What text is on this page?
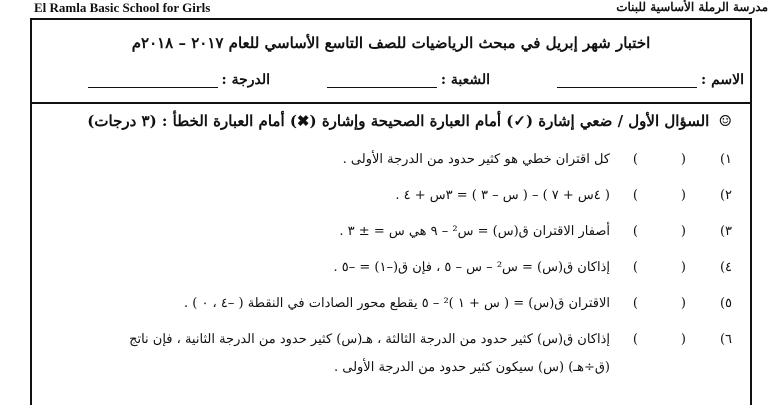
El Ramla Basic School for Girls	مدرسة الرملة الأساسية للبنات
اختبار شهر إبريل في مبحث الرياضيات للصف التاسع الأساسي للعام ٢٠١٧ – ٢٠١٨م
الاسم :
الشعبة :
الدرجة :
☺ السؤال الأول / ضعي إشارة (✓) أمام العبارة الصحيحة وإشارة (✖) أمام العبارة الخطأ : (٣ درجات)
١)
(
)
كل اقتران خطي هو كثير حدود من الدرجة الأولى .
٢)
(
)
( ٤س + ٧ ) – ( س – ٣ ) = ٣س + ٤ .
٣)
(
)
أصفار الاقتران ق(س) = س² – ٩ هي س = ± ٣ .
٤)
(
)
إذاكان ق(س) = س² – س – ٥ ، فإن ق(–١) = –٥ .
٥)
(
)
الاقتران ق(س) = ( س + ١ )² – ٥ يقطع محور الصادات في النقطة ( –٤ ، ٠ ) .
٦)
(
)
إذاكان ق(س) كثير حدود من الدرجة الثالثة ، هـ(س) كثير حدود من الدرجة الثانية ، فإن ناتج
(ق÷هـ) (س) سيكون كثير حدود من الدرجة الأولى .
